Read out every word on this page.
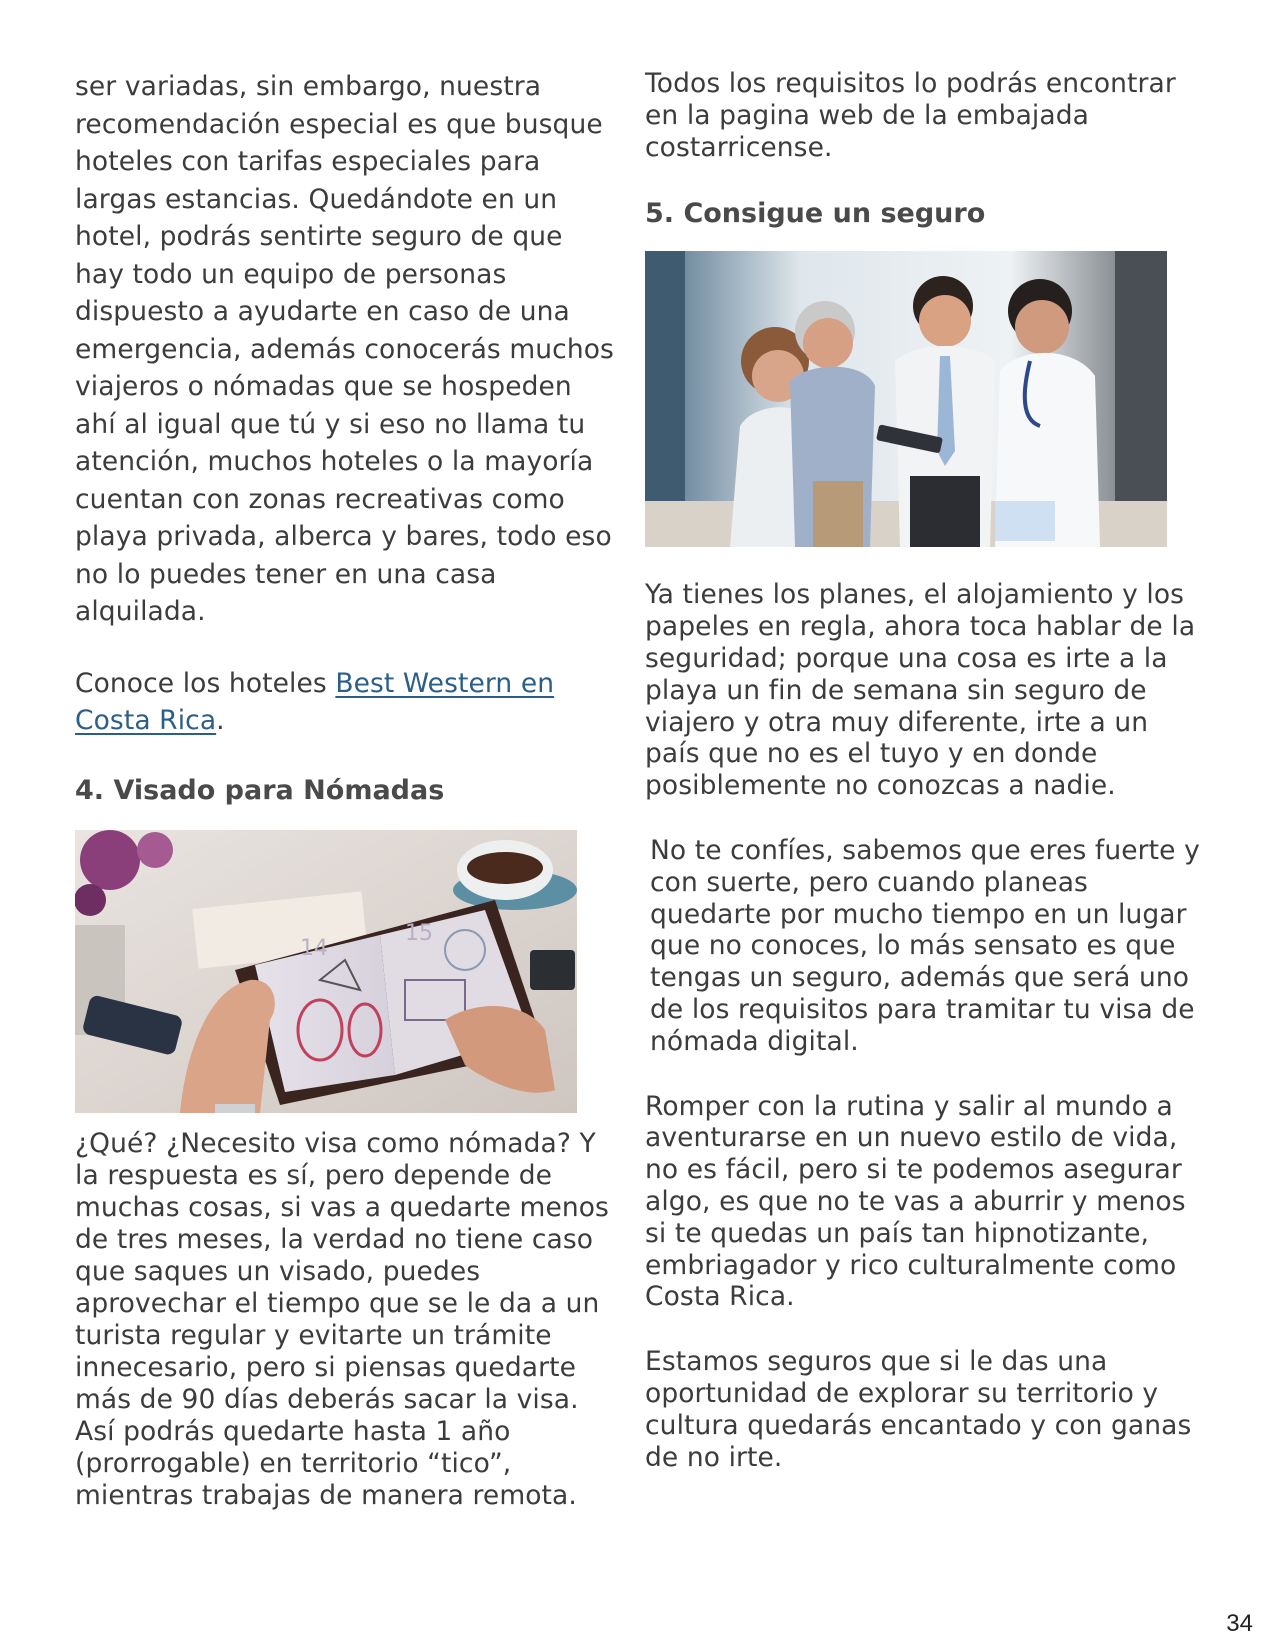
ser variadas, sin embargo, nuestra recomendación especial es que busque hoteles con tarifas especiales para largas estancias. Quedándote en un hotel, podrás sentirte seguro de que hay todo un equipo de personas dispuesto a ayudarte en caso de una emergencia, además conocerás muchos viajeros o nómadas que se hospeden ahí al igual que tú y si eso no llama tu atención, muchos hoteles o la mayoría cuentan con zonas recreativas como playa privada, alberca y bares, todo eso no lo puedes tener en una casa alquilada.

Conoce los hoteles Best Western en Costa Rica.

4. Visado para Nómadas
15
14

¿Qué? ¿Necesito visa como nómada? Y la respuesta es sí, pero depende de muchas cosas, si vas a quedarte menos de tres meses, la verdad no tiene caso que saques un visado, puedes aprovechar el tiempo que se le da a un turista regular y evitarte un trámite innecesario, pero si piensas quedarte más de 90 días deberás sacar la visa. Así podrás quedarte hasta 1 año (prorrogable) en territorio “tico”, mientras trabajas de manera remota.

Todos los requisitos lo podrás encontrar en la pagina web de la embajada costarricense.

5. Consigue un seguro

Ya tienes los planes, el alojamiento y los papeles en regla, ahora toca hablar de la seguridad; porque una cosa es irte a la playa un fin de semana sin seguro de viajero y otra muy diferente, irte a un país que no es el tuyo y en donde posiblemente no conozcas a nadie.

No te confíes, sabemos que eres fuerte y con suerte, pero cuando planeas quedarte por mucho tiempo en un lugar que no conoces, lo más sensato es que tengas un seguro, además que será uno de los requisitos para tramitar tu visa de nómada digital.

Romper con la rutina y salir al mundo a aventurarse en un nuevo estilo de vida, no es fácil, pero si te podemos asegurar algo, es que no te vas a aburrir y menos si te quedas un país tan hipnotizante, embriagador y rico culturalmente como Costa Rica.

Estamos seguros que si le das una oportunidad de explorar su territorio y cultura quedarás encantado y con ganas de no irte.

34
